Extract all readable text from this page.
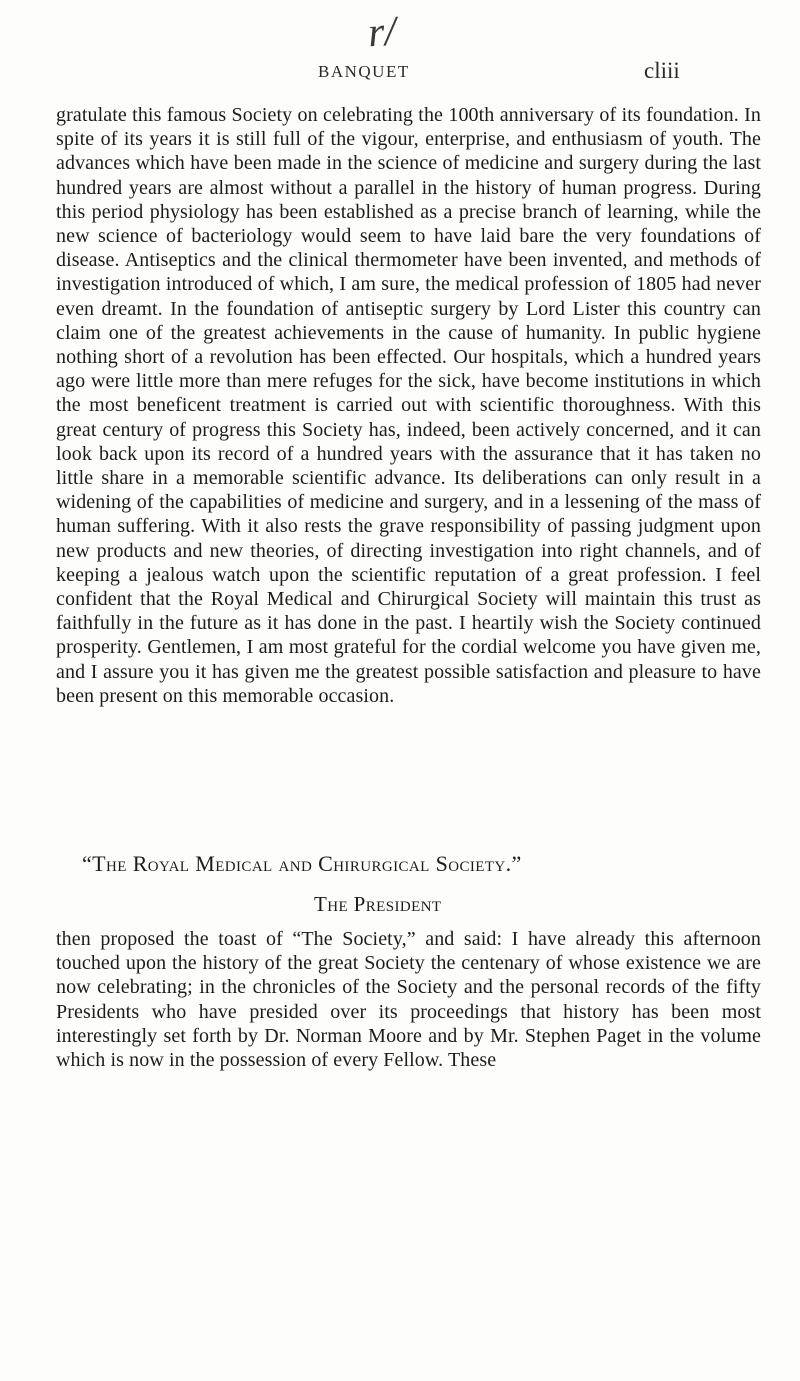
r/
BANQUET	cliii

gratulate this famous Society on celebrating the 100th anniversary of its foundation. In spite of its years it is still full of the vigour, enterprise, and enthusiasm of youth. The advances which have been made in the science of medicine and surgery during the last hundred years are almost without a parallel in the history of human progress. During this period physiology has been established as a precise branch of learning, while the new science of bacteriology would seem to have laid bare the very foundations of disease. Antiseptics and the clinical thermometer have been invented, and methods of investigation introduced of which, I am sure, the medical profession of 1805 had never even dreamt. In the foundation of antiseptic surgery by Lord Lister this country can claim one of the greatest achievements in the cause of humanity. In public hygiene nothing short of a revolution has been effected. Our hospitals, which a hundred years ago were little more than mere refuges for the sick, have become institutions in which the most beneficent treatment is carried out with scientific thoroughness. With this great century of progress this Society has, indeed, been actively concerned, and it can look back upon its record of a hundred years with the assurance that it has taken no little share in a memorable scientific advance. Its deliberations can only result in a widening of the capabilities of medicine and surgery, and in a lessening of the mass of human suffering. With it also rests the grave responsibility of passing judgment upon new products and new theories, of directing investigation into right channels, and of keeping a jealous watch upon the scientific reputation of a great profession. I feel confident that the Royal Medical and Chirurgical Society will maintain this trust as faithfully in the future as it has done in the past. I heartily wish the Society continued prosperity. Gentlemen, I am most grateful for the cordial welcome you have given me, and I assure you it has given me the greatest possible satisfaction and pleasure to have been present on this memorable occasion.

“The Royal Medical and Chirurgical Society.”
The President

then proposed the toast of “The Society,” and said: I have already this afternoon touched upon the history of the great Society the centenary of whose existence we are now celebrating; in the chronicles of the Society and the personal records of the fifty Presidents who have presided over its proceedings that history has been most interestingly set forth by Dr. Norman Moore and by Mr. Stephen Paget in the volume which is now in the possession of every Fellow. These
